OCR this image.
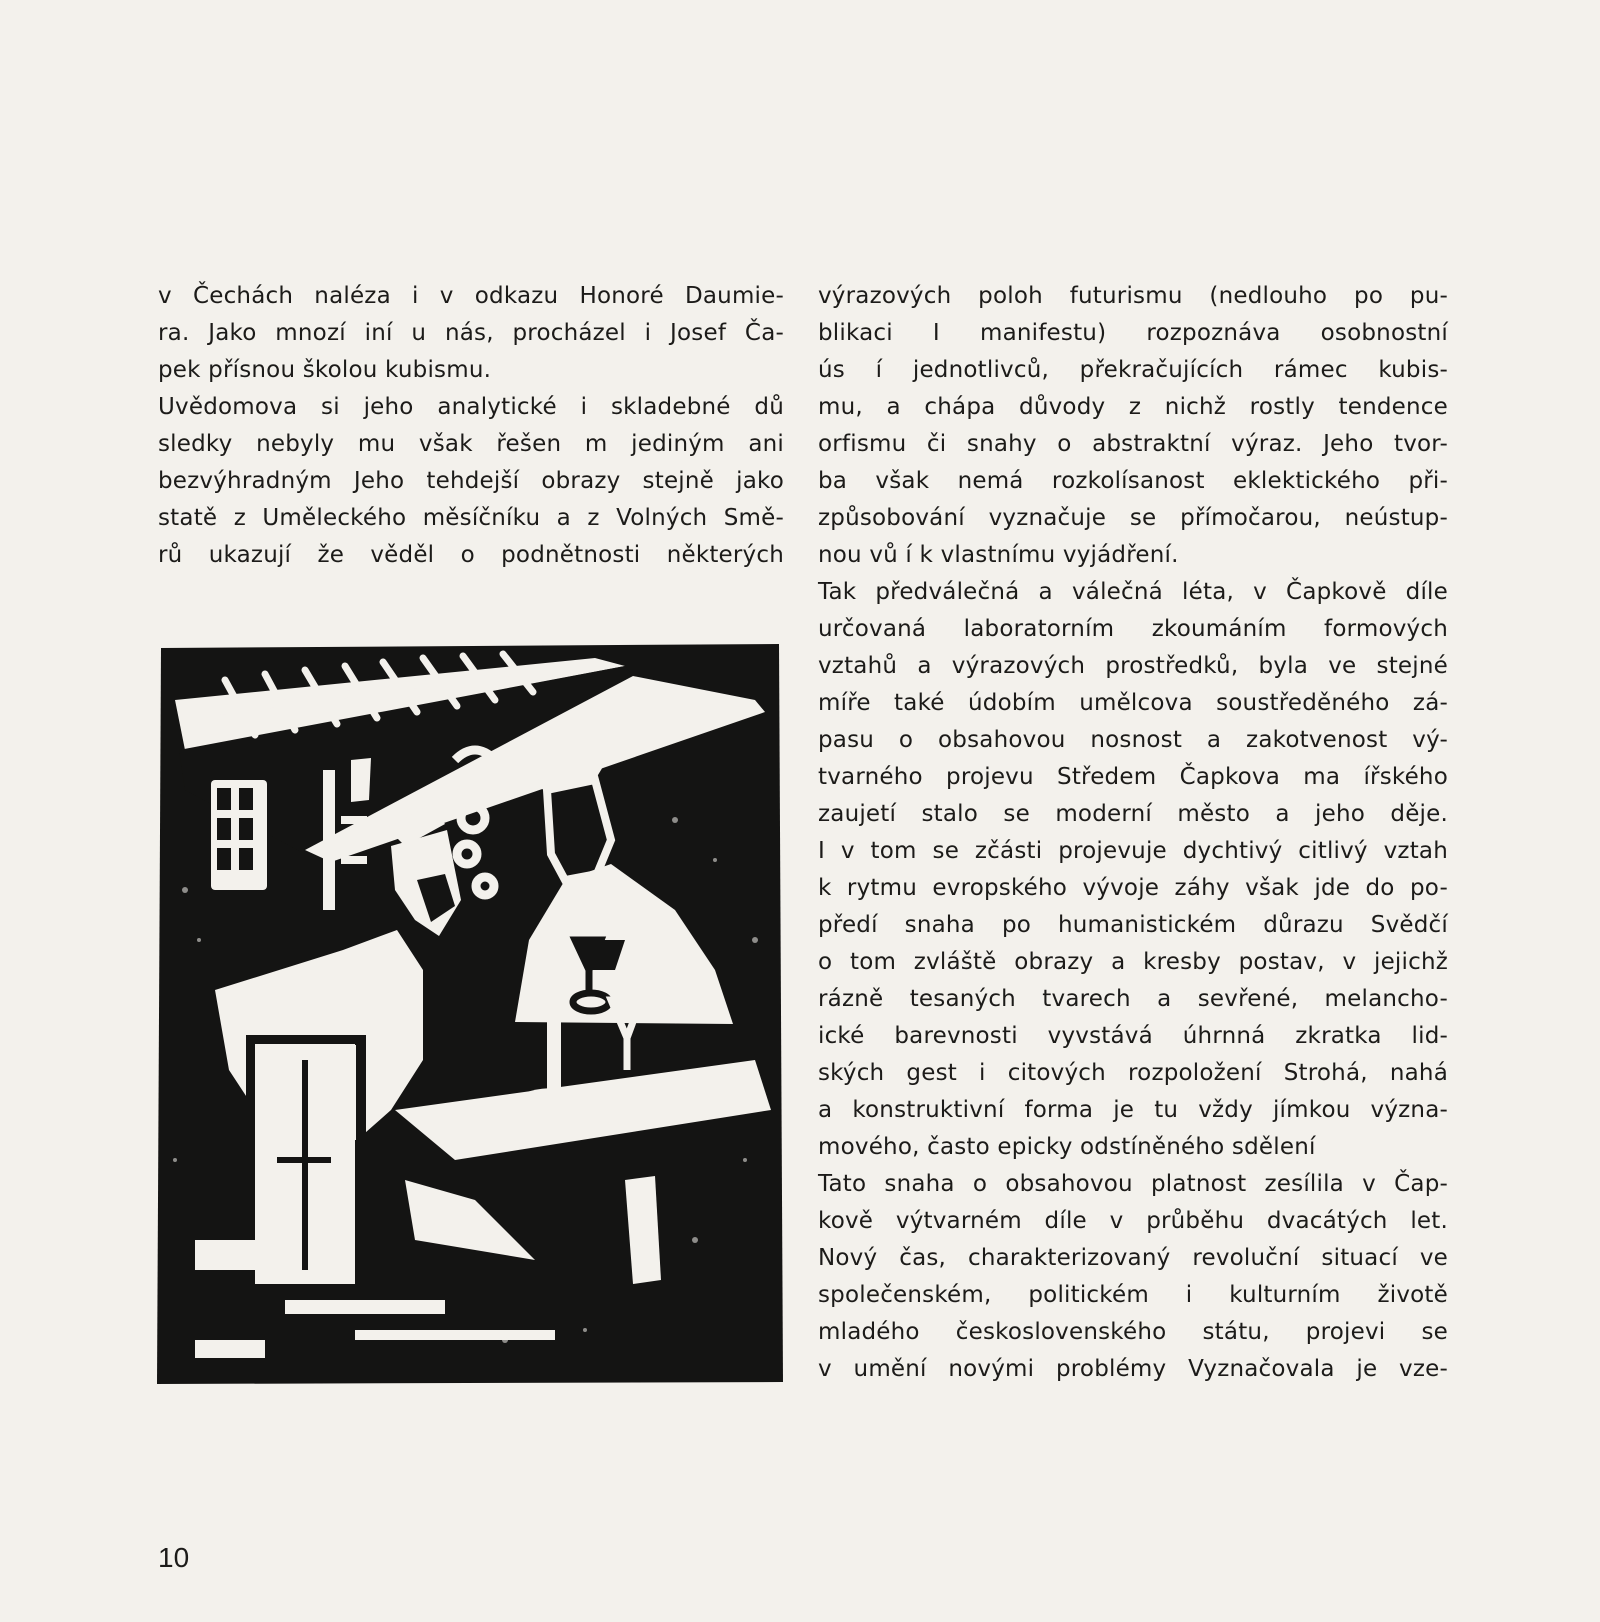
v Čechách naléza i v odkazu Honoré Daumie-
ra. Jako mnozí iní u nás, procházel i Josef Ča-
pek přísnou školou kubismu.
Uvědomova si jeho analytické i skladebné dů
sledky nebyly mu však řešen m jediným ani
bezvýhradným Jeho tehdejší obrazy stejně jako
statě z Uměleckého měsíčníku a z Volných Smě-
rů ukazují že věděl o podnětnosti některých
výrazových poloh futurismu (nedlouho po pu-
blikaci I manifestu) rozpoznáva osobnostní
ús í jednotlivců, překračujících rámec kubis-
mu, a chápa důvody z nichž rostly tendence
orfismu či snahy o abstraktní výraz. Jeho tvor-
ba však nemá rozkolísanost eklektického při-
způsobování vyznačuje se přímočarou, neústup-
nou vů í k vlastnímu vyjádření.
Tak předválečná a válečná léta, v Čapkově díle
určovaná laboratorním zkoumáním formových
vztahů a výrazových prostředků, byla ve stejné
míře také údobím umělcova soustředěného zá-
pasu o obsahovou nosnost a zakotvenost vý-
tvarného projevu Středem Čapkova ma ířského
zaujetí stalo se moderní město a jeho děje.
I v tom se zčásti projevuje dychtivý citlivý vztah
k rytmu evropského vývoje záhy však jde do po-
předí snaha po humanistickém důrazu Svědčí
o tom zvláště obrazy a kresby postav, v jejichž
rázně tesaných tvarech a sevřené, melancho-
ické barevnosti vyvstává úhrnná zkratka lid-
ských gest i citových rozpoložení Strohá, nahá
a konstruktivní forma je tu vždy jímkou význa-
mového, často epicky odstíněného sdělení
Tato snaha o obsahovou platnost zesílila v Čap-
kově výtvarném díle v průběhu dvacátých let.
Nový čas, charakterizovaný revoluční situací ve
společenském, politickém i kulturním životě
mladého československého státu, projevi se
v umění novými problémy Vyznačovala je vze-
10
